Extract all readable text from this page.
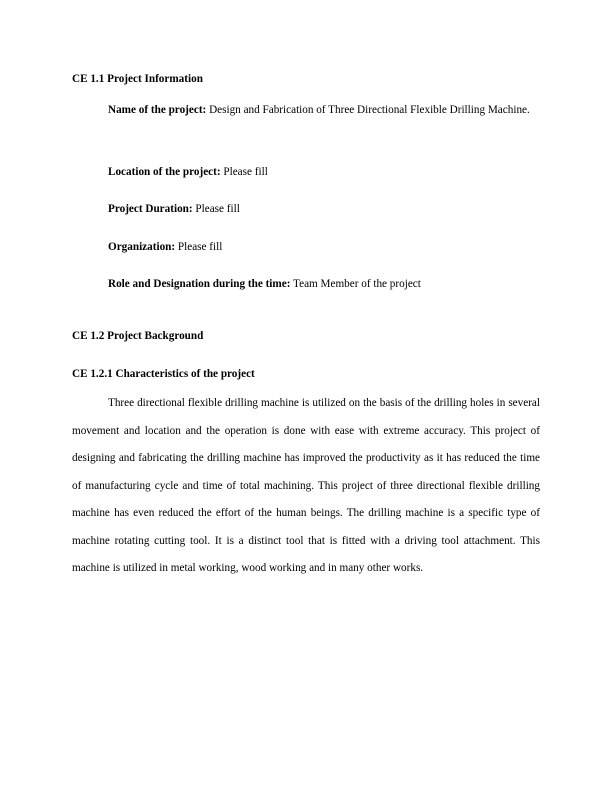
CE 1.1 Project Information

Name of the project: Design and Fabrication of Three Directional Flexible Drilling Machine.

Location of the project: Please fill

Project Duration: Please fill

Organization: Please fill

Role and Designation during the time: Team Member of the project

CE 1.2 Project Background

CE 1.2.1 Characteristics of the project

Three directional flexible drilling machine is utilized on the basis of the drilling holes in several movement and location and the operation is done with ease with extreme accuracy. This project of designing and fabricating the drilling machine has improved the productivity as it has reduced the time of manufacturing cycle and time of total machining. This project of three directional flexible drilling machine has even reduced the effort of the human beings. The drilling machine is a specific type of machine rotating cutting tool. It is a distinct tool that is fitted with a driving tool attachment. This machine is utilized in metal working, wood working and in many other works.
